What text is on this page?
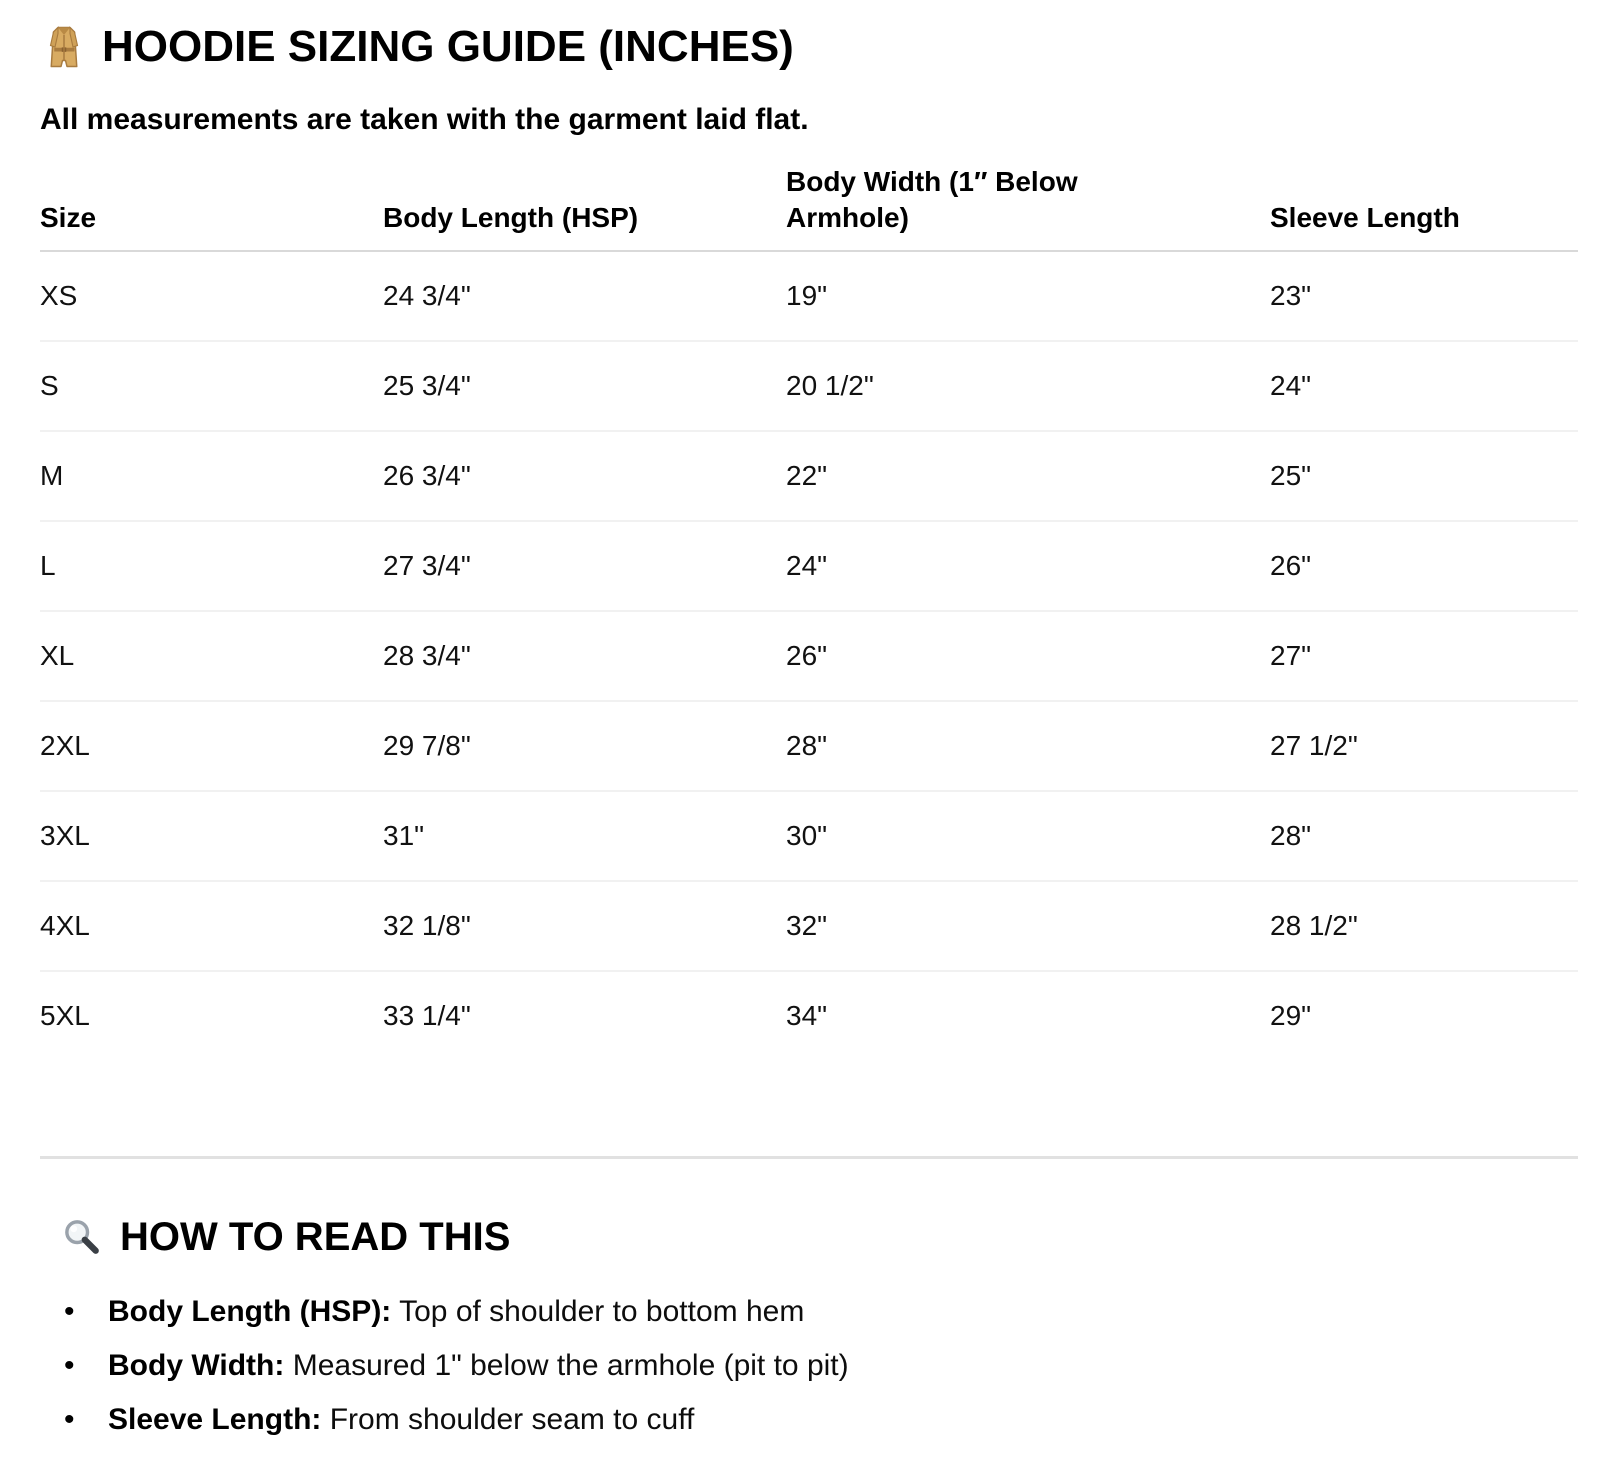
HOODIE SIZING GUIDE (INCHES)

All measurements are taken with the garment laid flat.

Size	Body Length (HSP)	Body Width (1″ Below Armhole)	Sleeve Length
XS	24 3/4"	19"	23"
S	25 3/4"	20 1/2"	24"
M	26 3/4"	22"	25"
L	27 3/4"	24"	26"
XL	28 3/4"	26"	27"
2XL	29 7/8"	28"	27 1/2"
3XL	31"	30"	28"
4XL	32 1/8"	32"	28 1/2"
5XL	33 1/4"	34"	29"
HOW TO READ THIS
• Body Length (HSP): Top of shoulder to bottom hem
• Body Width: Measured 1" below the armhole (pit to pit)
• Sleeve Length: From shoulder seam to cuff
